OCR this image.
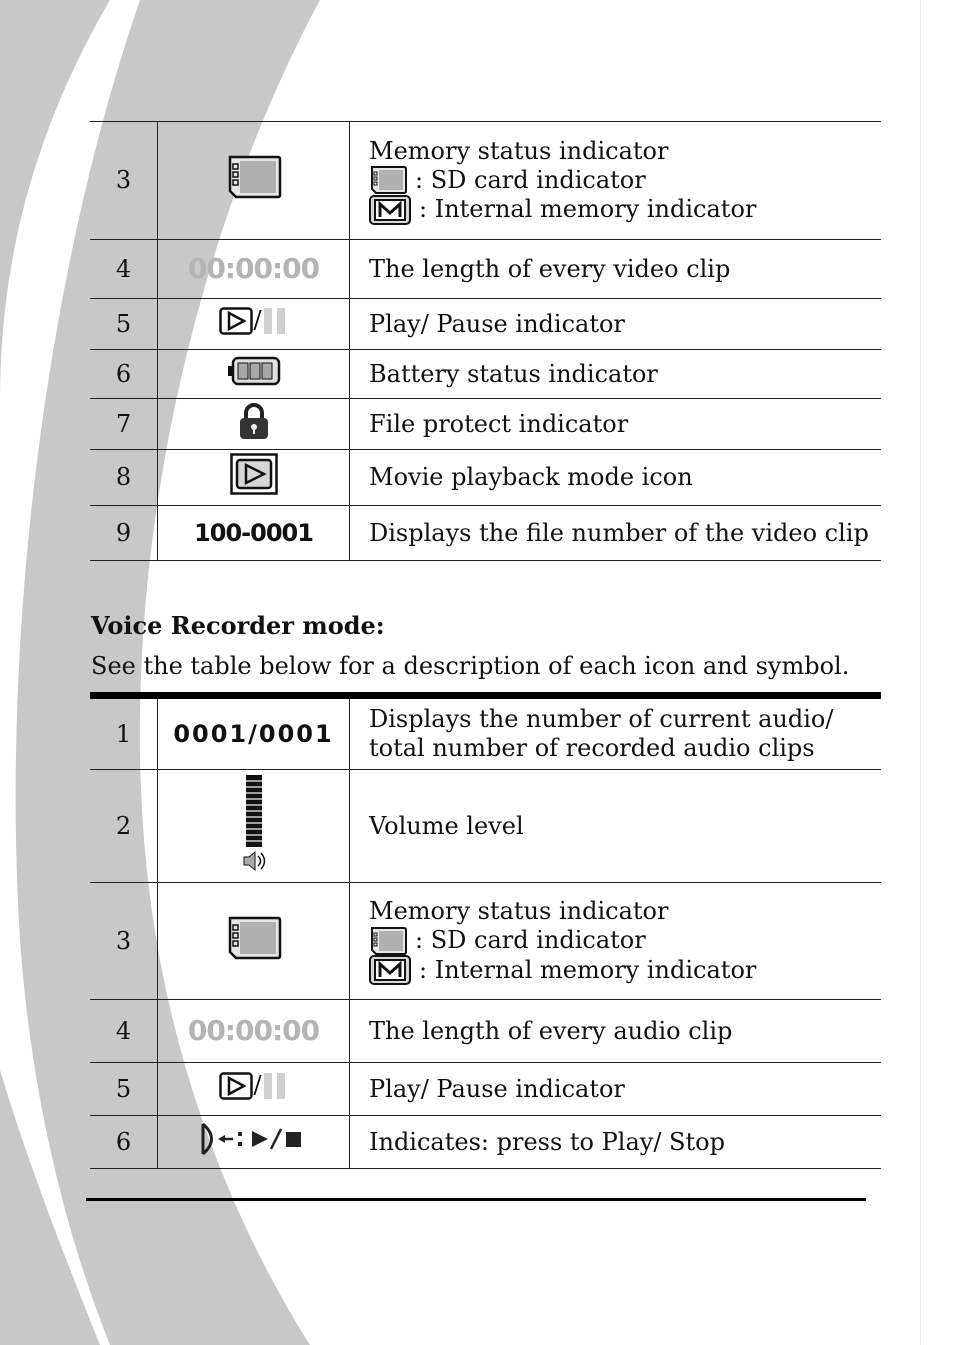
3		Memory status indicator
: SD card indicator
: Internal memory indicator

4	00:00:00	The length of every video clip
5	/	Play/ Pause indicator
6		Battery status indicator
7		File protect indicator
8		Movie playback mode icon
9	100-0001	Displays the file number of the video clip
Voice Recorder mode:
See the table below for a description of each icon and symbol.
1	0001/0001	Displays the number of current audio/
total number of recorded audio clips

2		Volume level
3		Memory status indicator
: SD card indicator
: Internal memory indicator

4	00:00:00	The length of every audio clip
5	/	Play/ Pause indicator
6		Indicates: press to Play/ Stop
